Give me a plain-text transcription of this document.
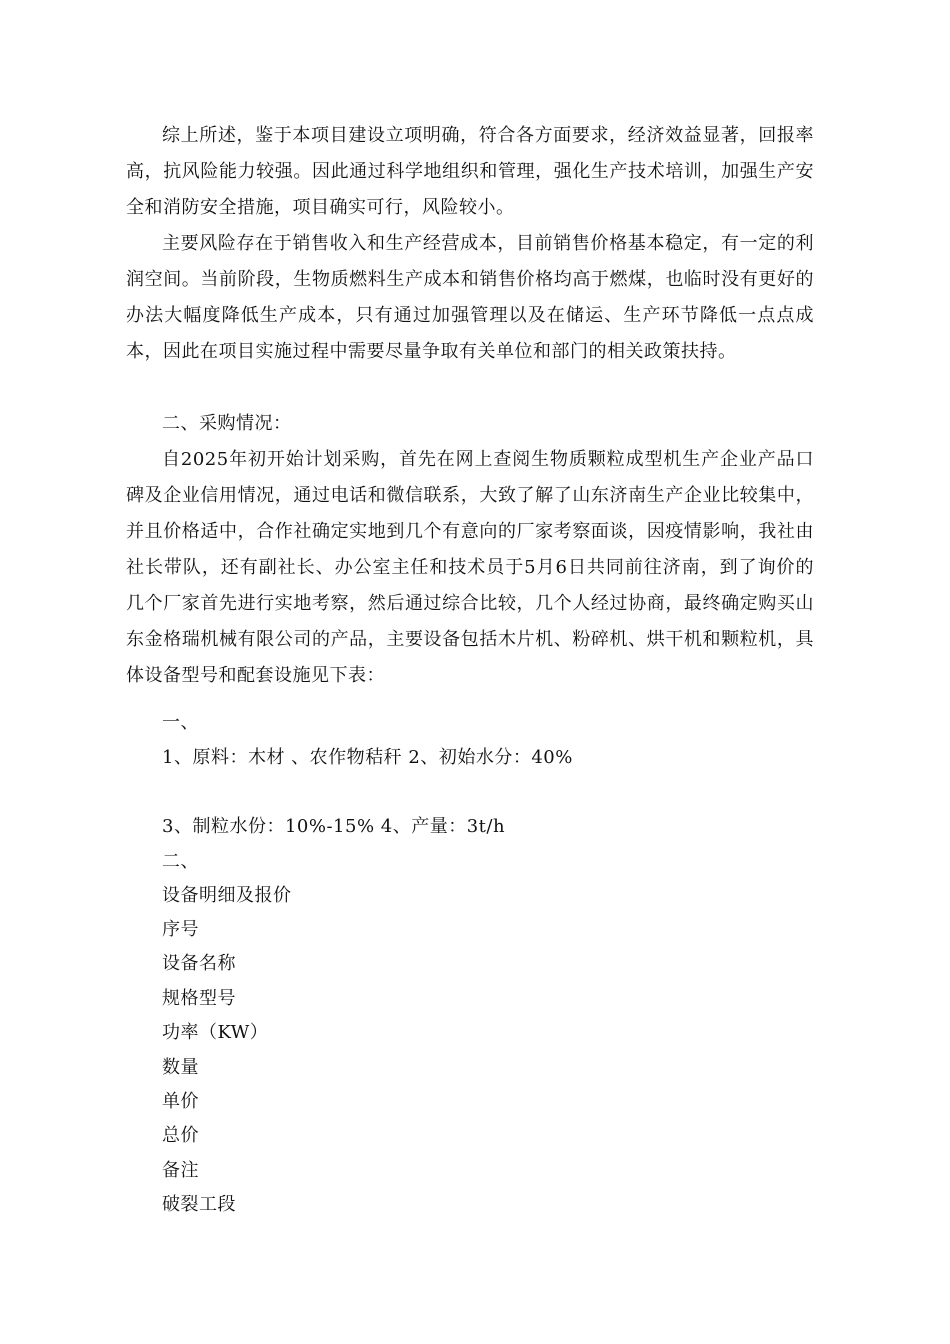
综上所述，鉴于本项目建设立项明确，符合各方面要求，经济效益显著，回报率高，抗风险能力较强。因此通过科学地组织和管理，强化生产技术培训，加强生产安全和消防安全措施，项目确实可行，风险较小。

主要风险存在于销售收入和生产经营成本，目前销售价格基本稳定，有一定的利润空间。当前阶段，生物质燃料生产成本和销售价格均高于燃煤，也临时没有更好的办法大幅度降低生产成本，只有通过加强管理以及在储运、生产环节降低一点点成本，因此在项目实施过程中需要尽量争取有关单位和部门的相关政策扶持。

二、采购情况：

自2025年初开始计划采购，首先在网上查阅生物质颗粒成型机生产企业产品口碑及企业信用情况，通过电话和微信联系，大致了解了山东济南生产企业比较集中，并且价格适中，合作社确定实地到几个有意向的厂家考察面谈，因疫情影响，我社由社长带队，还有副社长、办公室主任和技术员于5月6日共同前往济南，到了询价的几个厂家首先进行实地考察，然后通过综合比较，几个人经过协商，最终确定购买山东金格瑞机械有限公司的产品，主要设备包括木片机、粉碎机、烘干机和颗粒机，具体设备型号和配套设施见下表：

一、
1、原料：木材 、农作物秸秆 2、初始水分：40%
3、制粒水份：10%-15% 4、产量：3t/h
二、
设备明细及报价
序号
设备名称
规格型号
功率（KW）
数量
单价
总价
备注
破裂工段
